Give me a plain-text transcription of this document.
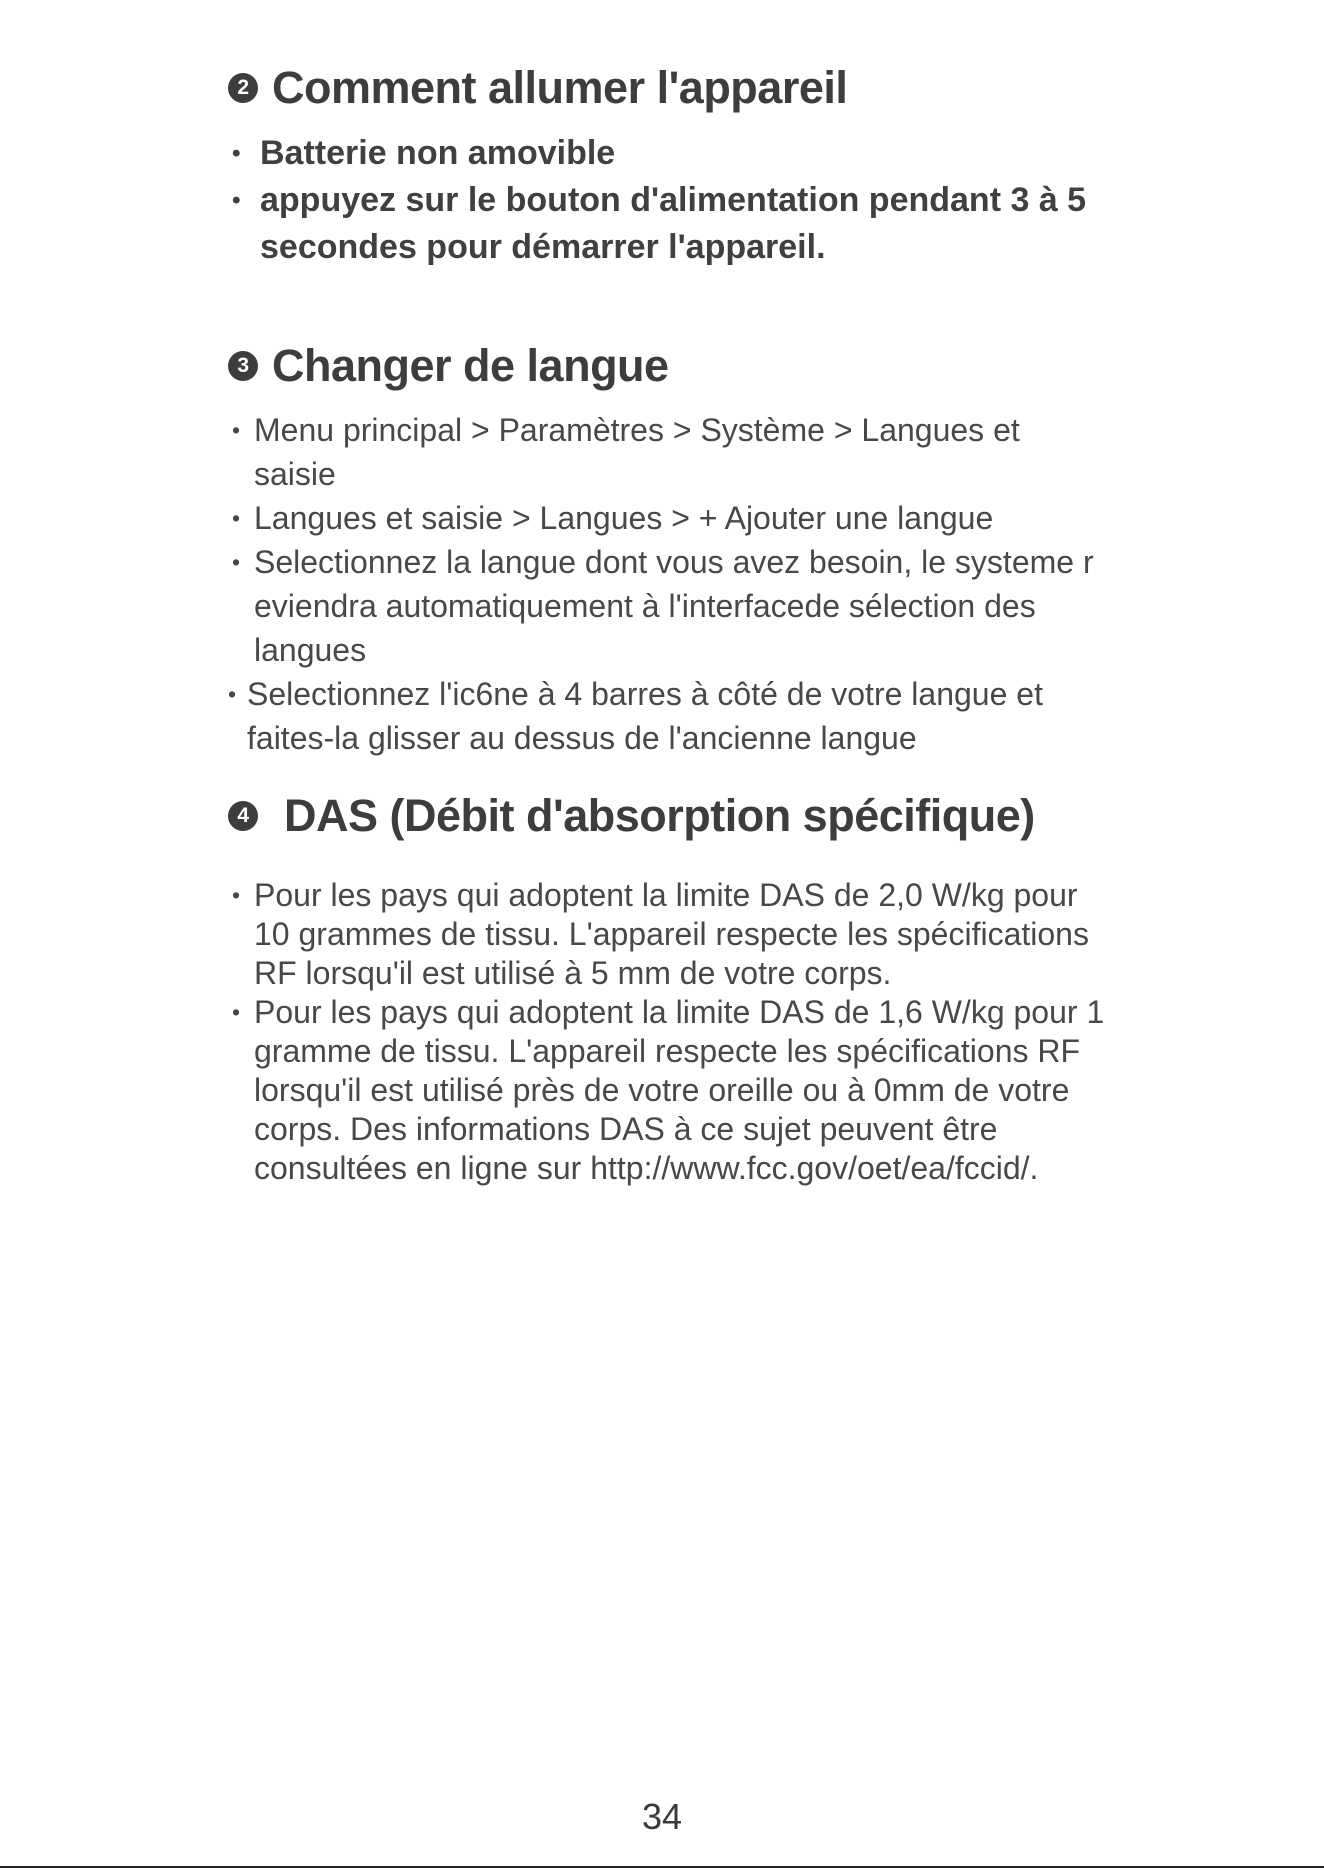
2 Comment allumer l'appareil
• Batterie non amovible
• appuyez sur le bouton d'alimentation pendant 3 à 5 secondes pour démarrer l'appareil.
3 Changer de langue
• Menu principal > Paramètres > Système > Langues et saisie
• Langues et saisie > Langues > + Ajouter une langue
• Selectionnez la langue dont vous avez besoin, le systeme r eviendra automatiquement à l'interfacede sélection des langues
• Selectionnez l'ic6ne à 4 barres à côté de votre langue et faites-la glisser au dessus de l'ancienne langue
4 DAS (Débit d'absorption spécifique)
• Pour les pays qui adoptent la limite DAS de 2,0 W/kg pour 10 grammes de tissu. L'appareil respecte les spécifications RF lorsqu'il est utilisé à 5 mm de votre corps.
• Pour les pays qui adoptent la limite DAS de 1,6 W/kg pour 1 gramme de tissu. L'appareil respecte les spécifications RF lorsqu'il est utilisé près de votre oreille ou à 0mm de votre corps. Des informations DAS à ce sujet peuvent être consultées en ligne sur http://www.fcc.gov/oet/ea/fccid/.
34
